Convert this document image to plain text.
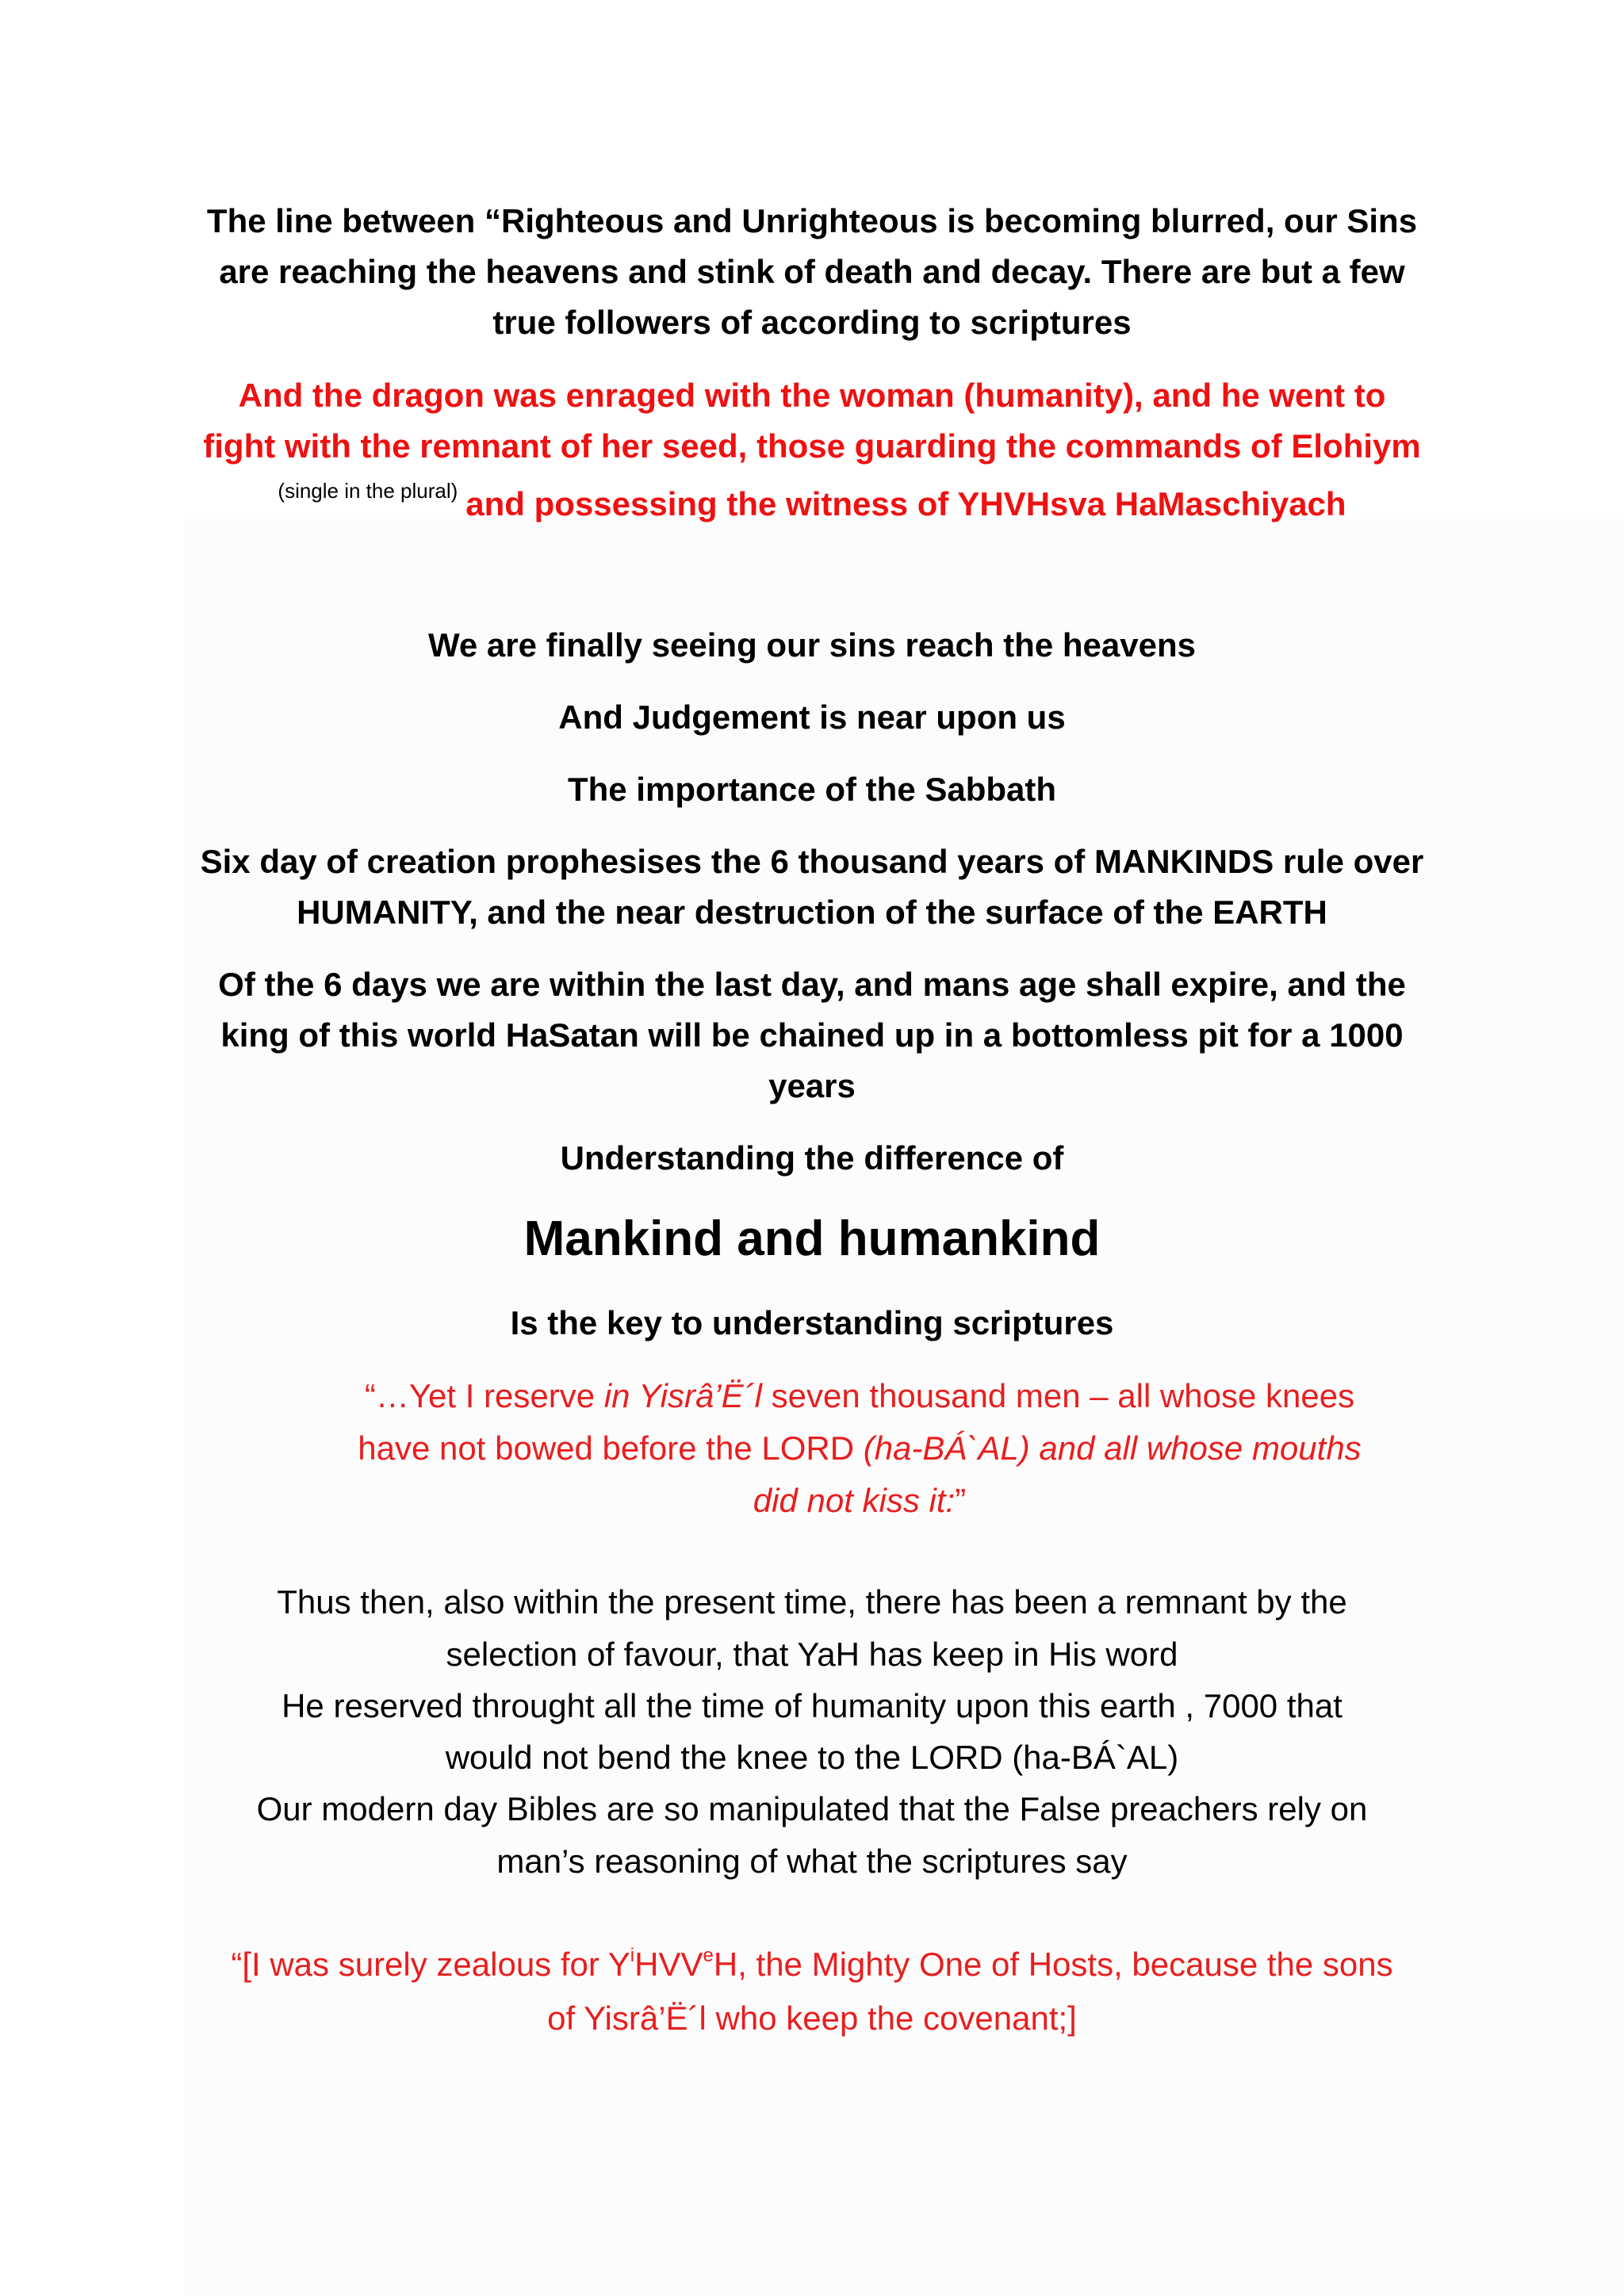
The line between “Righteous and Unrighteous is becoming blurred, our Sins
are reaching the heavens and stink of death and decay. There are but a few
true followers of according to scriptures
And the dragon was enraged with the woman (humanity), and he went to
fight with the remnant of her seed, those guarding the commands of Elohiym
$^{(single in the plural)}$ and possessing the witness of YHVHsva HaMaschiyach
We are finally seeing our sins reach the heavens
And Judgement is near upon us
The importance of the Sabbath
Six day of creation prophesises the 6 thousand years of MANKINDS rule over
HUMANITY, and the near destruction of the surface of the EARTH
Of the 6 days we are within the last day, and mans age shall expire, and the
king of this world HaSatan will be chained up in a bottomless pit for a 1000
years
Understanding the difference of
Mankind and humankind
Is the key to understanding scriptures
“…Yet I reserve in Yisrâ’Ë´l seven thousand men – all whose knees
have not bowed before the LORD (ha-BÁ`AL) and all whose mouths
did not kiss it:”
Thus then, also within the present time, there has been a remnant by the
selection of favour, that YaH has keep in His word
He reserved throught all the time of humanity upon this earth , 7000 that
would not bend the knee to the LORD (ha-BÁ`AL)
Our modern day Bibles are so manipulated that the False preachers rely on
man’s reasoning of what the scriptures say
“[I was surely zealous for $Y^iHVV^eH$, the Mighty One of Hosts, because the sons
of Yisrâ’Ë´l who keep the covenant;]
